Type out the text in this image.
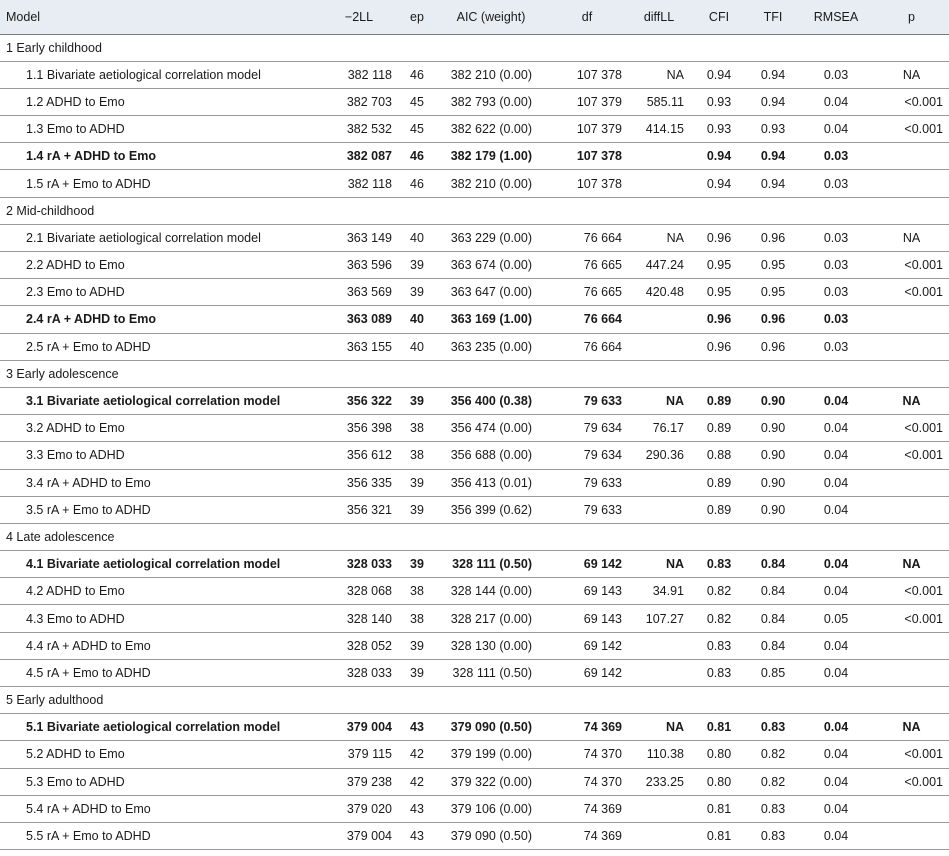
Model	−2LL	ep	AIC (weight)	df	diffLL	CFI	TFI	RMSEA	p
1 Early childhood									
1.1 Bivariate aetiological correlation model	382 118	46	382 210 (0.00)	107 378	NA	0.94	0.94	0.03	NA
1.2 ADHD to Emo	382 703	45	382 793 (0.00)	107 379	585.11	0.93	0.94	0.04	<0.001
1.3 Emo to ADHD	382 532	45	382 622 (0.00)	107 379	414.15	0.93	0.93	0.04	<0.001
1.4 rA + ADHD to Emo	382 087	46	382 179 (1.00)	107 378		0.94	0.94	0.03	
1.5 rA + Emo to ADHD	382 118	46	382 210 (0.00)	107 378		0.94	0.94	0.03	
2 Mid-childhood									
2.1 Bivariate aetiological correlation model	363 149	40	363 229 (0.00)	76 664	NA	0.96	0.96	0.03	NA
2.2 ADHD to Emo	363 596	39	363 674 (0.00)	76 665	447.24	0.95	0.95	0.03	<0.001
2.3 Emo to ADHD	363 569	39	363 647 (0.00)	76 665	420.48	0.95	0.95	0.03	<0.001
2.4 rA + ADHD to Emo	363 089	40	363 169 (1.00)	76 664		0.96	0.96	0.03	
2.5 rA + Emo to ADHD	363 155	40	363 235 (0.00)	76 664		0.96	0.96	0.03	
3 Early adolescence									
3.1 Bivariate aetiological correlation model	356 322	39	356 400 (0.38)	79 633	NA	0.89	0.90	0.04	NA
3.2 ADHD to Emo	356 398	38	356 474 (0.00)	79 634	76.17	0.89	0.90	0.04	<0.001
3.3 Emo to ADHD	356 612	38	356 688 (0.00)	79 634	290.36	0.88	0.90	0.04	<0.001
3.4 rA + ADHD to Emo	356 335	39	356 413 (0.01)	79 633		0.89	0.90	0.04	
3.5 rA + Emo to ADHD	356 321	39	356 399 (0.62)	79 633		0.89	0.90	0.04	
4 Late adolescence									
4.1 Bivariate aetiological correlation model	328 033	39	328 111 (0.50)	69 142	NA	0.83	0.84	0.04	NA
4.2 ADHD to Emo	328 068	38	328 144 (0.00)	69 143	34.91	0.82	0.84	0.04	<0.001
4.3 Emo to ADHD	328 140	38	328 217 (0.00)	69 143	107.27	0.82	0.84	0.05	<0.001
4.4 rA + ADHD to Emo	328 052	39	328 130 (0.00)	69 142		0.83	0.84	0.04	
4.5 rA + Emo to ADHD	328 033	39	328 111 (0.50)	69 142		0.83	0.85	0.04	
5 Early adulthood									
5.1 Bivariate aetiological correlation model	379 004	43	379 090 (0.50)	74 369	NA	0.81	0.83	0.04	NA
5.2 ADHD to Emo	379 115	42	379 199 (0.00)	74 370	110.38	0.80	0.82	0.04	<0.001
5.3 Emo to ADHD	379 238	42	379 322 (0.00)	74 370	233.25	0.80	0.82	0.04	<0.001
5.4 rA + ADHD to Emo	379 020	43	379 106 (0.00)	74 369		0.81	0.83	0.04	
5.5 rA + Emo to ADHD	379 004	43	379 090 (0.50)	74 369		0.81	0.83	0.04	
